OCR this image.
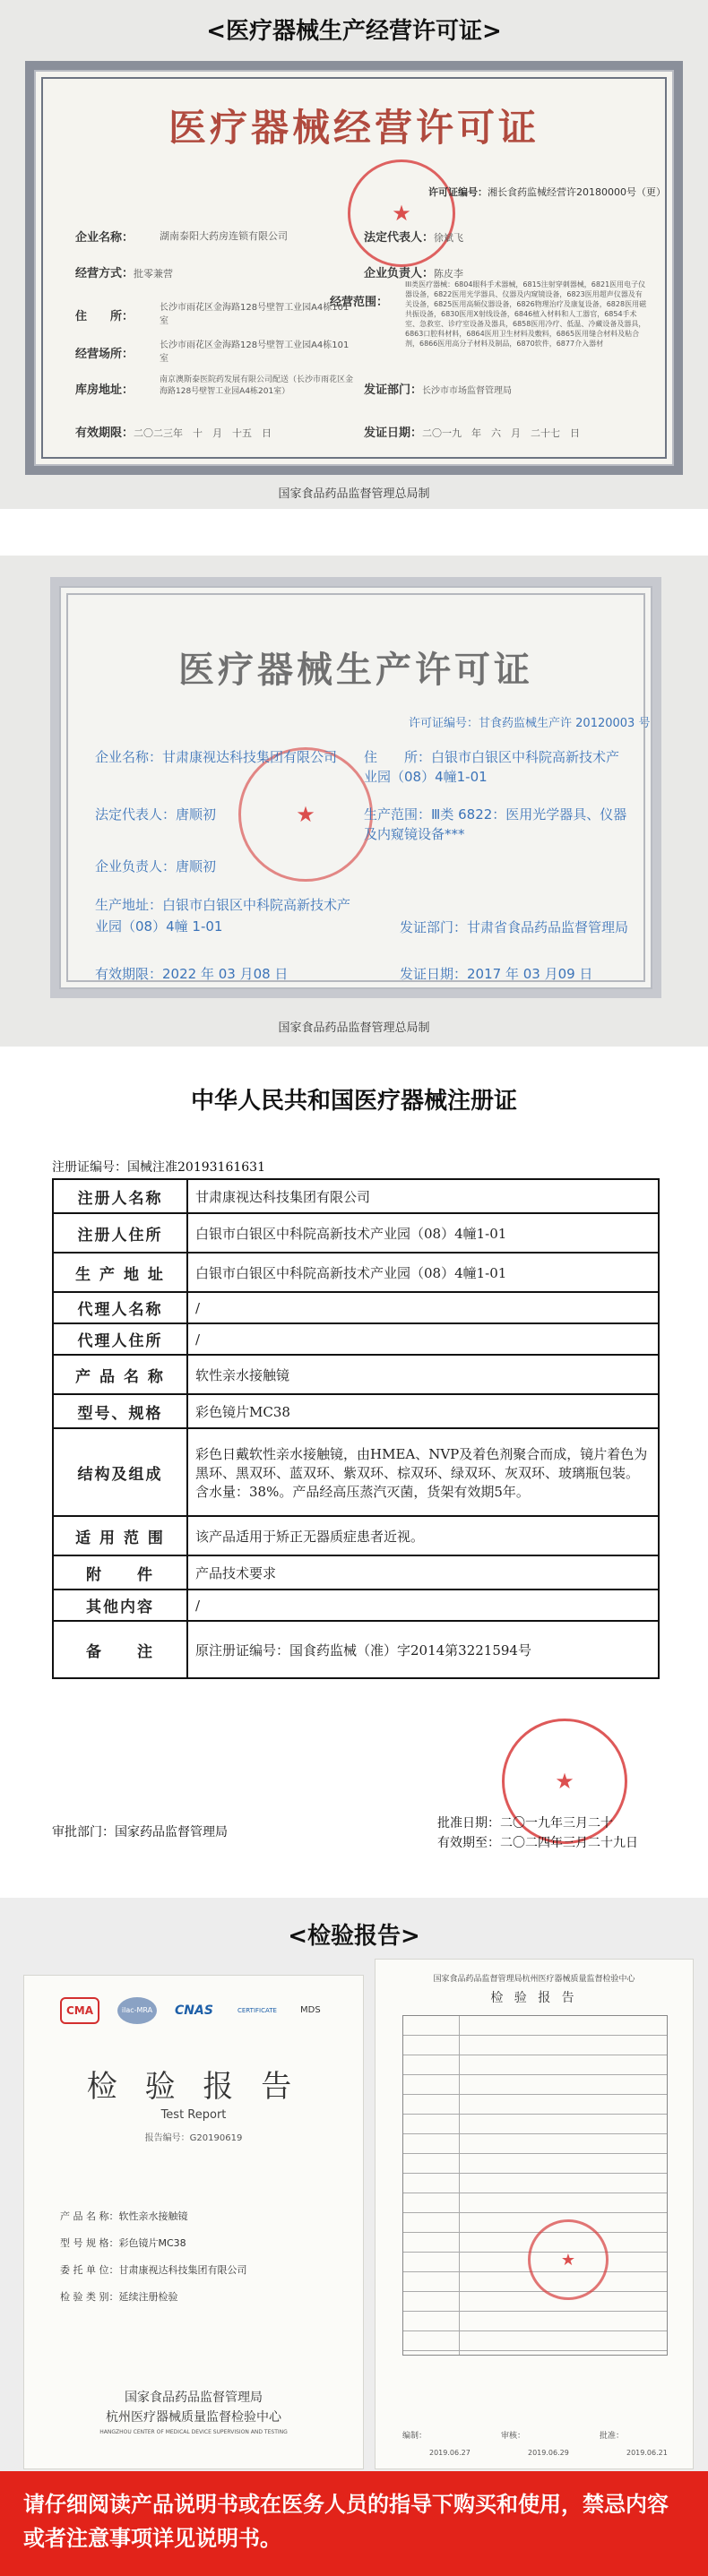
<医疗器械生产经营许可证>
医疗器械经营许可证
★
许可证编号：湘长食药监械经营许20180000号（更）
企业名称：	湖南泰阳大药房连锁有限公司	法定代表人：徐斌飞
经营方式：批零兼营	企业负责人：陈皮李
住　　所：
长沙市雨花区金海路128号壁智工业园A4栋101室
经营范围：
III类医疗器械：6804眼科手术器械，6815注射穿刺器械，6821医用电子仪器设备，6822医用光学器具、仪器及内窥镜设备，6823医用超声仪器及有关设备，6825医用高频仪器设备，6826物理治疗及康复设备，6828医用磁共振设备，6830医用X射线设备，6846植入材料和人工器官，6854手术室、急救室、诊疗室设备及器具，6858医用冷疗、低温、冷藏设备及器具，6863口腔科材料，6864医用卫生材料及敷料，6865医用缝合材料及粘合剂，6866医用高分子材料及制品，6870软件，6877介入器材
经营场所：
长沙市雨花区金海路128号壁智工业园A4栋101室
库房地址：
南京澳斯泰医院药发展有限公司配送（长沙市雨花区金海路128号壁智工业园A4栋201室）	发证部门：长沙市市场监督管理局
有效期限：二〇二三年　十　月　十五　日	发证日期：二〇一九　年　六　月　二十七　日
国家食品药品监督管理总局制
医疗器械生产许可证
许可证编号：甘食药监械生产许 20120003 号
★
企业名称：甘肃康视达科技集团有限公司	住　　所：白银市白银区中科院高新技术产业园（08）4幢1-01
法定代表人：唐顺初	生产范围：Ⅲ类 6822：医用光学器具、仪器及内窥镜设备***
企业负责人：唐顺初
生产地址：白银市白银区中科院高新技术产业园（08）4幢 1-01	发证部门：甘肃省食品药品监督管理局
有效期限：2022 年 03 月08 日	发证日期：2017 年 03 月09 日
国家食品药品监督管理总局制
中华人民共和国医疗器械注册证
注册证编号：国械注准20193161631
注册人名称	甘肃康视达科技集团有限公司
注册人住所	白银市白银区中科院高新技术产业园（08）4幢1-01
生 产 地 址	白银市白银区中科院高新技术产业园（08）4幢1-01
代理人名称	/
代理人住所	/
产 品 名 称	软性亲水接触镜
型号、规格	彩色镜片MC38
结构及组成	彩色日戴软性亲水接触镜，由HMEA、NVP及着色剂聚合而成，镜片着色为黑环、黑双环、蓝双环、紫双环、棕双环、绿双环、灰双环、玻璃瓶包装。含水量：38%。产品经高压蒸汽灭菌，货架有效期5年。
适 用 范 围	该产品适用于矫正无器质症患者近视。
附　　件	产品技术要求
其他内容	/
备　　注	原注册证编号：国食药监械（准）字2014第3221594号
★
审批部门：国家药品监督管理局
批准日期：二〇一九年三月二十
有效期至：二〇二四年三月二十九日
<检验报告>
CMA	ilac-MRA	CNAS	CERTIFICATE	MDS
检 验 报 告
Test Report
报告编号：G20190619
产 品 名 称：软性亲水接触镜
型 号 规 格：彩色镜片MC38
委 托 单 位：甘肃康视达科技集团有限公司
检 验 类 别：延续注册检验
国家食品药品监督管理局
杭州医疗器械质量监督检验中心
HANGZHOU CENTER OF MEDICAL DEVICE SUPERVISION AND TESTING
国家食品药品监督管理局杭州医疗器械质量监督检验中心
检 验 报 告
★
编制：	审核：	批准：
2019.06.27	2019.06.29	2019.06.21
请仔细阅读产品说明书或在医务人员的指导下购买和使用，禁忌内容或者注意事项详见说明书。
